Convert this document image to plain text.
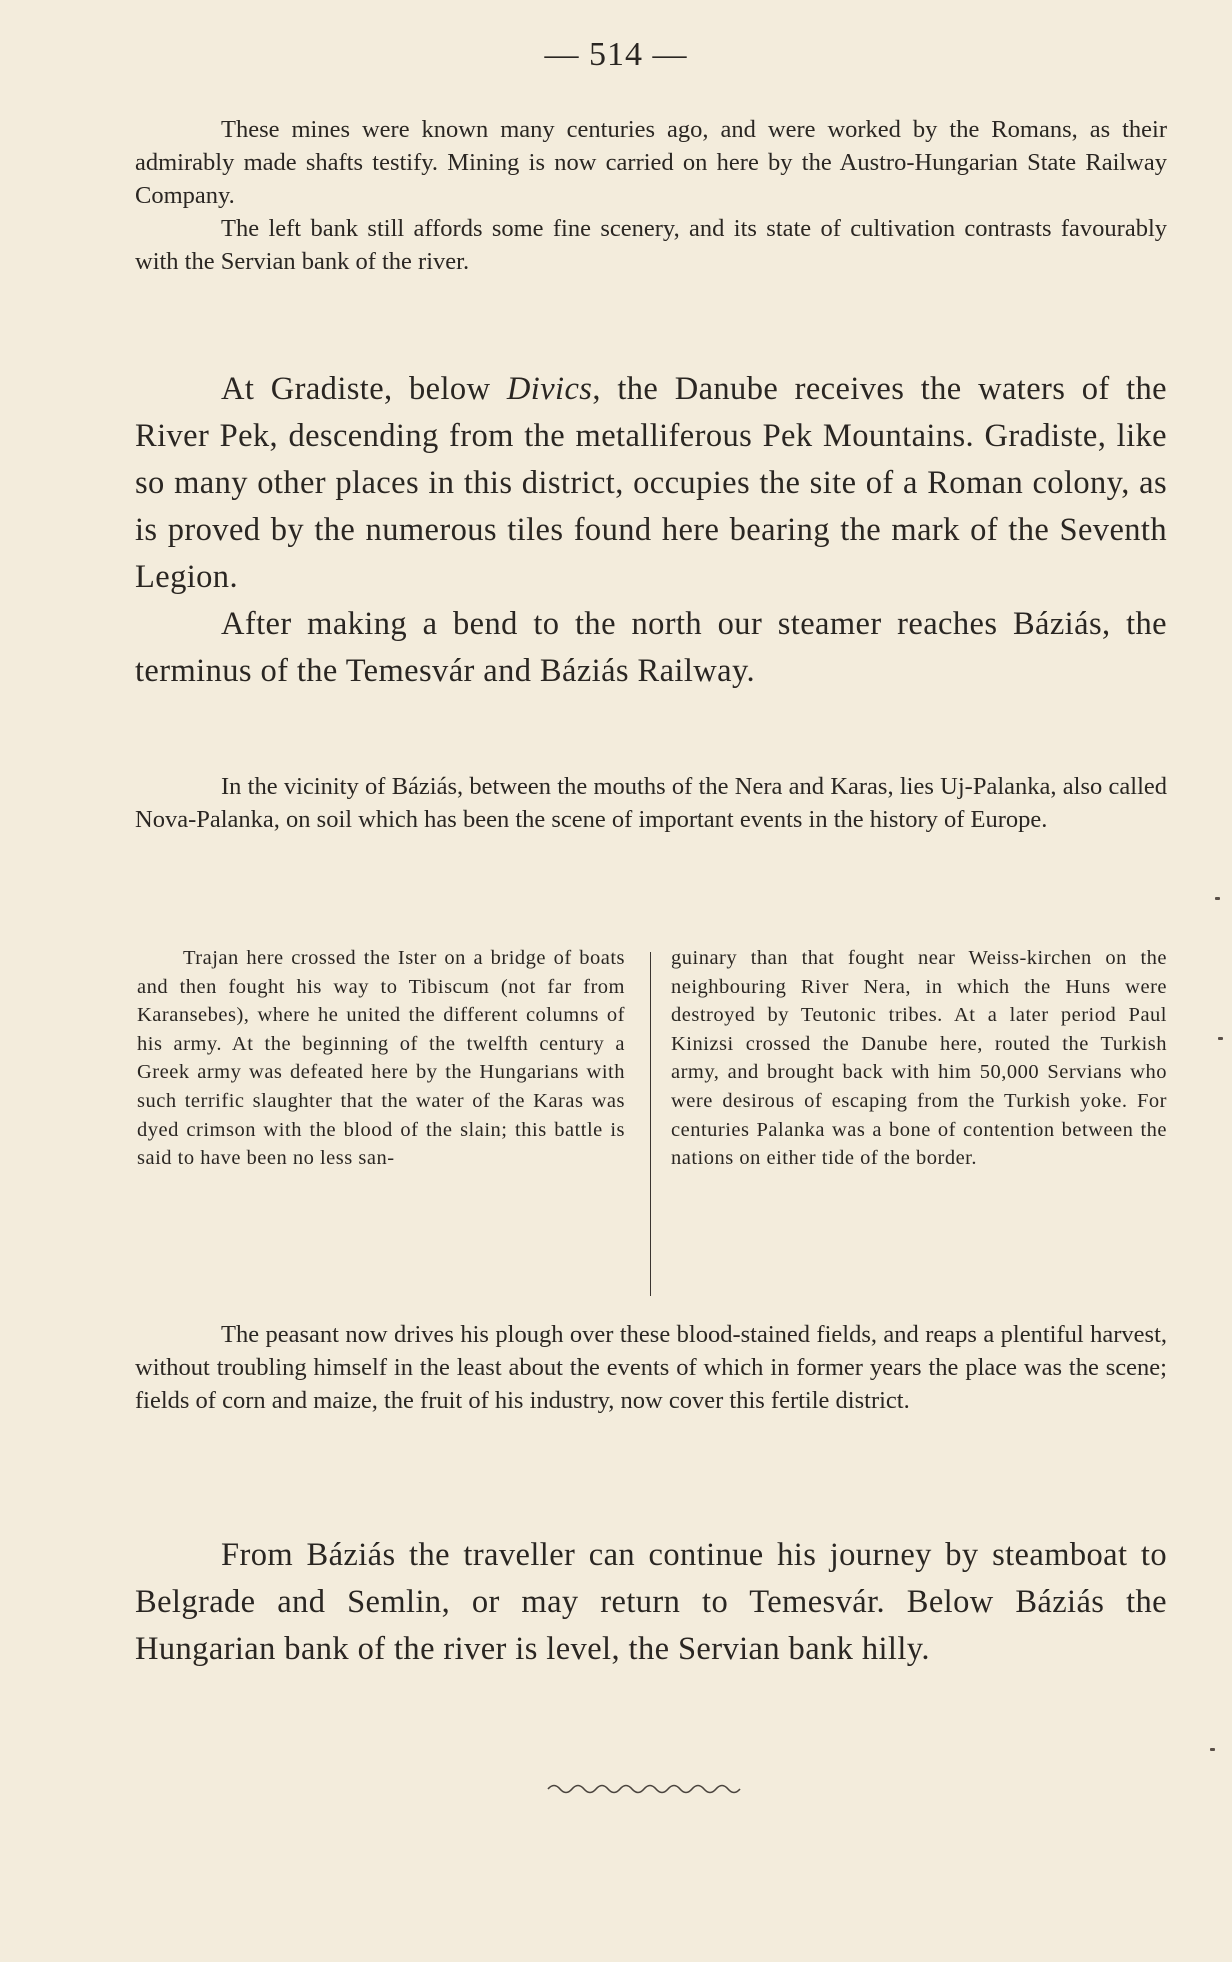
— 514 —

These mines were known many centuries ago, and were worked by the Romans, as their admirably made shafts testify. Mining is now carried on here by the Austro-Hungarian State Railway Company.

The left bank still affords some fine scenery, and its state of cultivation contrasts favourably with the Servian bank of the river.

At Gradiste, below Divics, the Danube receives the waters of the River Pek, descending from the metalliferous Pek Mountains. Gradiste, like so many other places in this district, occupies the site of a Roman colony, as is proved by the numerous tiles found here bearing the mark of the Seventh Legion.

After making a bend to the north our steamer reaches Báziás, the terminus of the Temesvár and Báziás Railway.

In the vicinity of Báziás, between the mouths of the Nera and Karas, lies Uj-Palanka, also called Nova-Palanka, on soil which has been the scene of important events in the history of Europe.

Trajan here crossed the Ister on a bridge of boats and then fought his way to Tibiscum (not far from Karansebes), where he united the different columns of his army. At the beginning of the twelfth century a Greek army was defeated here by the Hungarians with such terrific slaughter that the water of the Karas was dyed crimson with the blood of the slain; this battle is said to have been no less san-
guinary than that fought near Weiss-kirchen on the neighbouring River Nera, in which the Huns were destroyed by Teutonic tribes. At a later period Paul Kinizsi crossed the Danube here, routed the Turkish army, and brought back with him 50,000 Servians who were desirous of escaping from the Turkish yoke. For centuries Palanka was a bone of contention between the nations on either tide of the border.

The peasant now drives his plough over these blood-stained fields, and reaps a plentiful harvest, without troubling himself in the least about the events of which in former years the place was the scene; fields of corn and maize, the fruit of his industry, now cover this fertile district.

From Báziás the traveller can continue his journey by steamboat to Belgrade and Semlin, or may return to Temesvár. Below Báziás the Hungarian bank of the river is level, the Servian bank hilly.
